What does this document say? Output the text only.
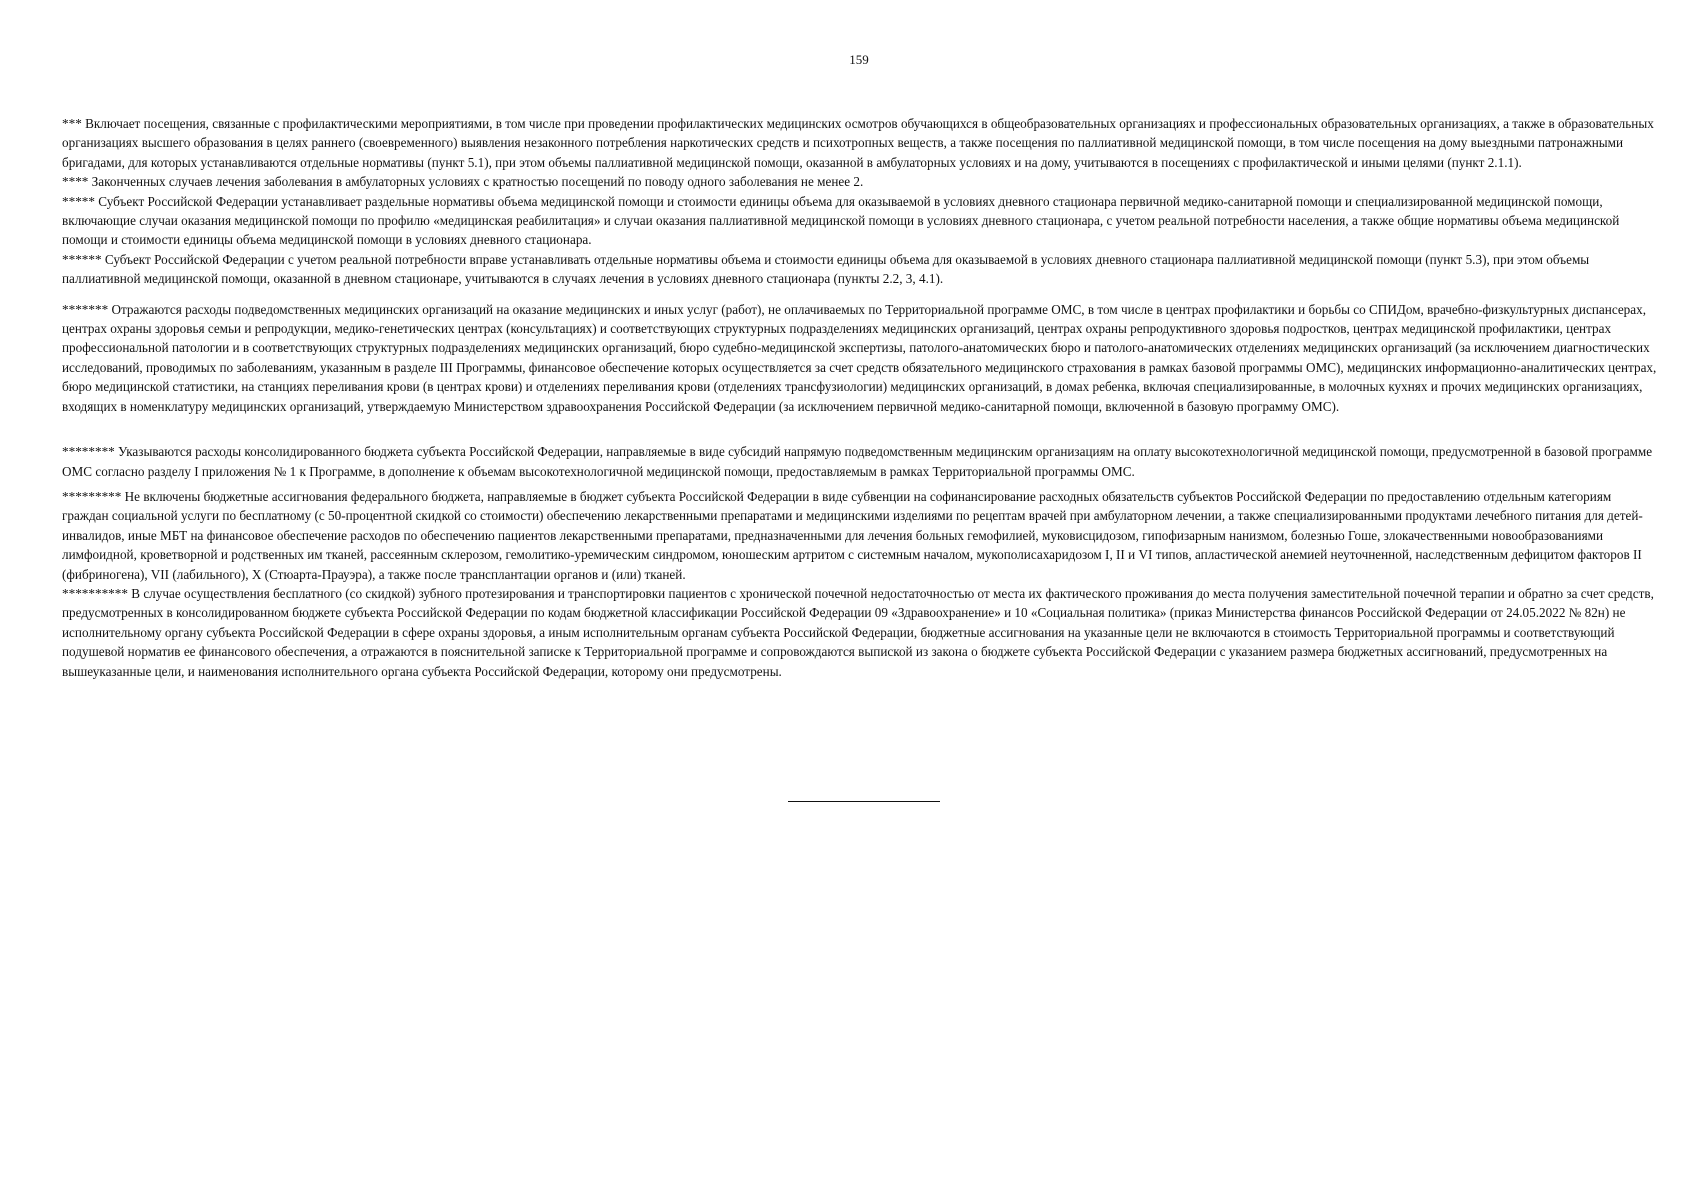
159

*** Включает посещения, связанные с профилактическими мероприятиями, в том числе при проведении профилактических медицинских осмотров обучающихся в общеобразовательных организациях и профессиональных образовательных организациях, а также в образовательных организациях высшего образования в целях раннего (своевременного) выявления незаконного потребления наркотических средств и психотропных веществ, а также посещения по паллиативной медицинской помощи, в том числе посещения на дому выездными патронажными бригадами, для которых устанавливаются отдельные нормативы (пункт 5.1), при этом объемы паллиативной медицинской помощи, оказанной в амбулаторных условиях и на дому, учитываются в посещениях с профилактической и иными целями (пункт 2.1.1).

**** Законченных случаев лечения заболевания в амбулаторных условиях с кратностью посещений по поводу одного заболевания не менее 2.

***** Субъект Российской Федерации устанавливает раздельные нормативы объема медицинской помощи и стоимости единицы объема для оказываемой в условиях дневного стационара первичной медико-санитарной помощи и специализированной медицинской помощи, включающие случаи оказания медицинской помощи по профилю «медицинская реабилитация» и случаи оказания паллиативной медицинской помощи в условиях дневного стационара, с учетом реальной потребности населения, а также общие нормативы объема медицинской помощи и стоимости единицы объема медицинской помощи в условиях дневного стационара.

****** Субъект Российской Федерации с учетом реальной потребности вправе устанавливать отдельные нормативы объема и стоимости единицы объема для оказываемой в условиях дневного стационара паллиативной медицинской помощи (пункт 5.3), при этом объемы паллиативной медицинской помощи, оказанной в дневном стационаре, учитываются в случаях лечения в условиях дневного стационара (пункты 2.2, 3, 4.1).

******* Отражаются расходы подведомственных медицинских организаций на оказание медицинских и иных услуг (работ), не оплачиваемых по Территориальной программе ОМС, в том числе в центрах профилактики и борьбы со СПИДом, врачебно-физкультурных диспансерах, центрах охраны здоровья семьи и репродукции, медико-генетических центрах (консультациях) и соответствующих структурных подразделениях медицинских организаций, центрах охраны репродуктивного здоровья подростков, центрах медицинской профилактики, центрах профессиональной патологии и в соответствующих структурных подразделениях медицинских организаций, бюро судебно-медицинской экспертизы, патолого-анатомических бюро и патолого-анатомических отделениях медицинских организаций (за исключением диагностических исследований, проводимых по заболеваниям, указанным в разделе III Программы, финансовое обеспечение которых осуществляется за счет средств обязательного медицинского страхования в рамках базовой программы ОМС), медицинских информационно-аналитических центрах, бюро медицинской статистики, на станциях переливания крови (в центрах крови) и отделениях переливания крови (отделениях трансфузиологии) медицинских организаций, в домах ребенка, включая специализированные, в молочных кухнях и прочих медицинских организациях, входящих в номенклатуру медицинских организаций, утверждаемую Министерством здравоохранения Российской Федерации (за исключением первичной медико-санитарной помощи, включенной в базовую программу ОМС).

******** Указываются расходы консолидированного бюджета субъекта Российской Федерации, направляемые в виде субсидий напрямую подведомственным медицинским организациям на оплату высокотехнологичной медицинской помощи, предусмотренной в базовой программе ОМС согласно разделу I приложения № 1 к Программе, в дополнение к объемам высокотехнологичной медицинской помощи, предоставляемым в рамках Территориальной программы ОМС.

********* Не включены бюджетные ассигнования федерального бюджета, направляемые в бюджет субъекта Российской Федерации в виде субвенции на софинансирование расходных обязательств субъектов Российской Федерации по предоставлению отдельным категориям граждан социальной услуги по бесплатному (с 50-процентной скидкой со стоимости) обеспечению лекарственными препаратами и медицинскими изделиями по рецептам врачей при амбулаторном лечении, а также специализированными продуктами лечебного питания для детей-инвалидов, иные МБТ на финансовое обеспечение расходов по обеспечению пациентов лекарственными препаратами, предназначенными для лечения больных гемофилией, муковисцидозом, гипофизарным нанизмом, болезнью Гоше, злокачественными новообразованиями лимфоидной, кроветворной и родственных им тканей, рассеянным склерозом, гемолитико-уремическим синдромом, юношеским артритом с системным началом, мукополисахаридозом I, II и VI типов, апластической анемией неуточненной, наследственным дефицитом факторов II (фибриногена), VII (лабильного), X (Стюарта-Прауэра), а также после трансплантации органов и (или) тканей.

********** В случае осуществления бесплатного (со скидкой) зубного протезирования и транспортировки пациентов с хронической почечной недостаточностью от места их фактического проживания до места получения заместительной почечной терапии и обратно за счет средств, предусмотренных в консолидированном бюджете субъекта Российской Федерации по кодам бюджетной классификации Российской Федерации 09 «Здравоохранение» и 10 «Социальная политика» (приказ Министерства финансов Российской Федерации от 24.05.2022 № 82н) не исполнительному органу субъекта Российской Федерации в сфере охраны здоровья, а иным исполнительным органам субъекта Российской Федерации, бюджетные ассигнования на указанные цели не включаются в стоимость Территориальной программы и соответствующий подушевой норматив ее финансового обеспечения, а отражаются в пояснительной записке к Территориальной программе и сопровождаются выпиской из закона о бюджете субъекта Российской Федерации с указанием размера бюджетных ассигнований, предусмотренных на вышеуказанные цели, и наименования исполнительного органа субъекта Российской Федерации, которому они предусмотрены.
